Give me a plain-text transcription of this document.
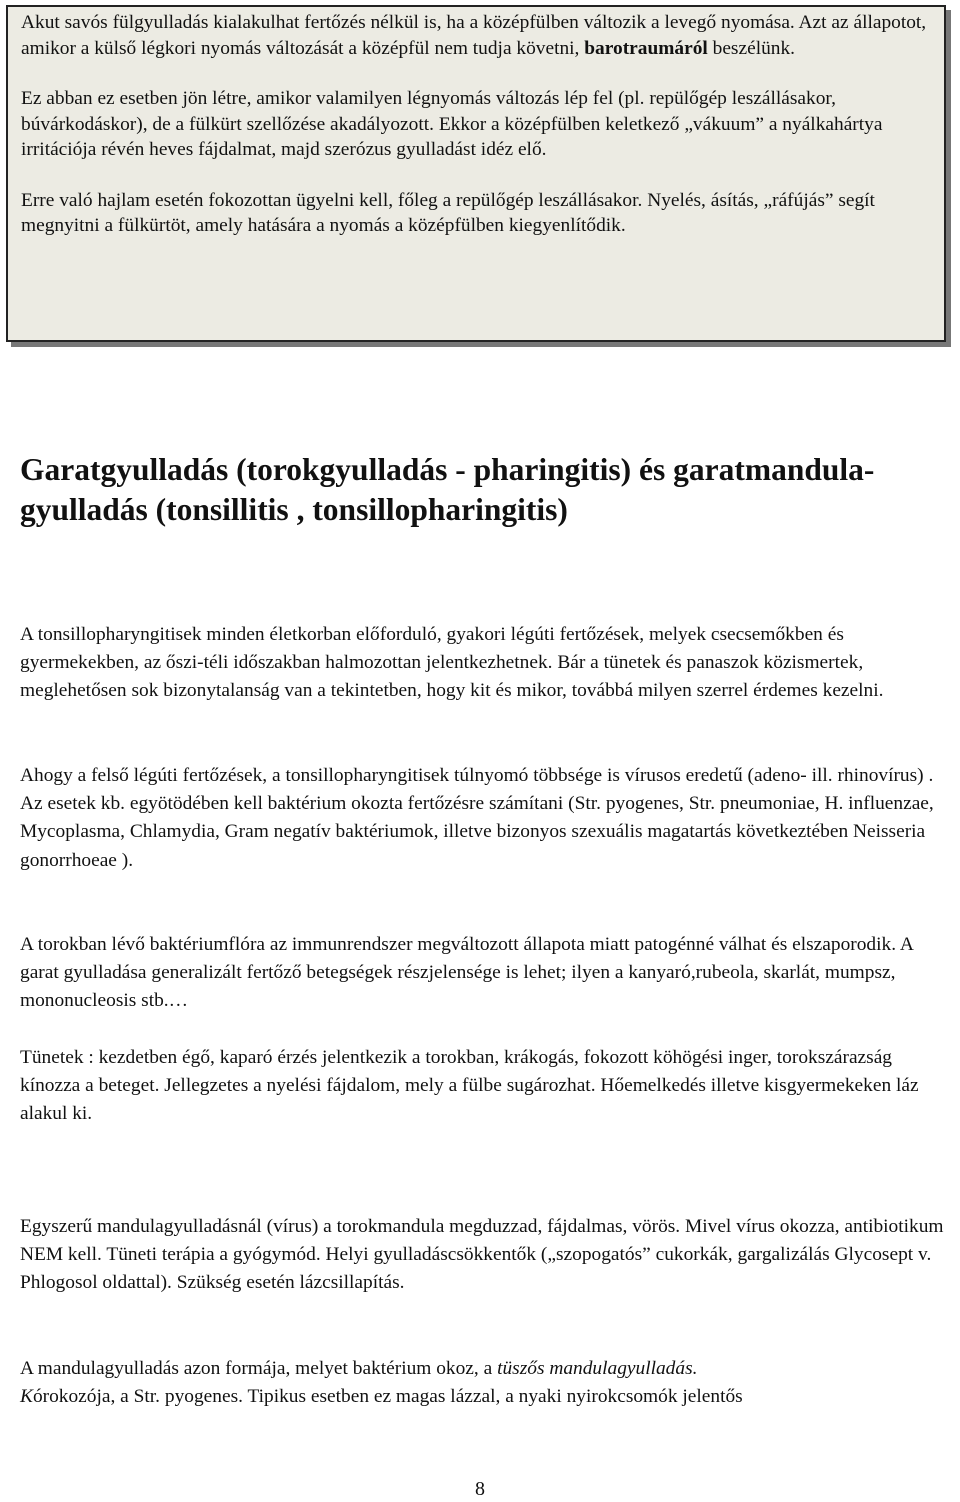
Akut savós fülgyulladás kialakulhat fertőzés nélkül is, ha a középfülben változik a levegő nyomása. Azt az állapotot, amikor a külső légkori nyomás változását a középfül nem tudja követni, barotraumáról beszélünk.

Ez abban ez esetben jön létre, amikor valamilyen légnyomás változás lép fel (pl. repülőgép leszállásakor, búvárkodáskor), de a fülkürt szellőzése akadályozott. Ekkor a középfülben keletkező „vákuum” a nyálkahártya irritációja révén heves fájdalmat, majd szerózus gyulladást idéz elő.

Erre való hajlam esetén fokozottan ügyelni kell, főleg a repülőgép leszállásakor. Nyelés, ásítás, „ráfújás” segít megnyitni a fülkürtöt, amely hatására a nyomás a középfülben kiegyenlítődik.

Garatgyulladás (torokgyulladás - pharingitis) és garatmandula-gyulladás (tonsillitis , tonsillopharingitis)

A tonsillopharyngitisek minden életkorban előforduló, gyakori légúti fertőzések, melyek csecsemőkben és gyermekekben, az őszi-téli időszakban halmozottan jelentkezhetnek. Bár a tünetek és panaszok közismertek, meglehetősen sok bizonytalanság van a tekintetben, hogy kit és mikor, továbbá milyen szerrel érdemes kezelni.

Ahogy a felső légúti fertőzések, a tonsillopharyngitisek túlnyomó többsége is vírusos eredetű (adeno- ill. rhinovírus) . Az esetek kb. egyötödében kell baktérium okozta fertőzésre számítani (Str. pyogenes, Str. pneumoniae, H. influenzae, Mycoplasma, Chlamydia, Gram negatív baktériumok, illetve bizonyos szexuális magatartás következtében Neisseria gonorrhoeae ).

A torokban lévő baktériumflóra az immunrendszer megváltozott állapota miatt patogénné válhat és elszaporodik. A garat gyulladása generalizált fertőző betegségek részjelensége is lehet; ilyen a kanyaró,rubeola, skarlát, mumpsz, mononucleosis stb.…

Tünetek : kezdetben égő, kaparó érzés jelentkezik a torokban, krákogás, fokozott köhögési inger, torokszárazság kínozza a beteget. Jellegzetes a nyelési fájdalom, mely a fülbe sugározhat. Hőemelkedés illetve kisgyermekeken láz alakul ki.

Egyszerű mandulagyulladásnál (vírus) a torokmandula megduzzad, fájdalmas, vörös. Mivel vírus okozza, antibiotikum NEM kell. Tüneti terápia a gyógymód. Helyi gyulladáscsökkentők („szopogatós” cukorkák, gargalizálás Glycosept v. Phlogosol oldattal). Szükség esetén lázcsillapítás.

A mandulagyulladás azon formája, melyet baktérium okoz, a tüszős mandulagyulladás.
Kórokozója, a Str. pyogenes. Tipikus esetben ez magas lázzal, a nyaki nyirokcsomók jelentős

8
